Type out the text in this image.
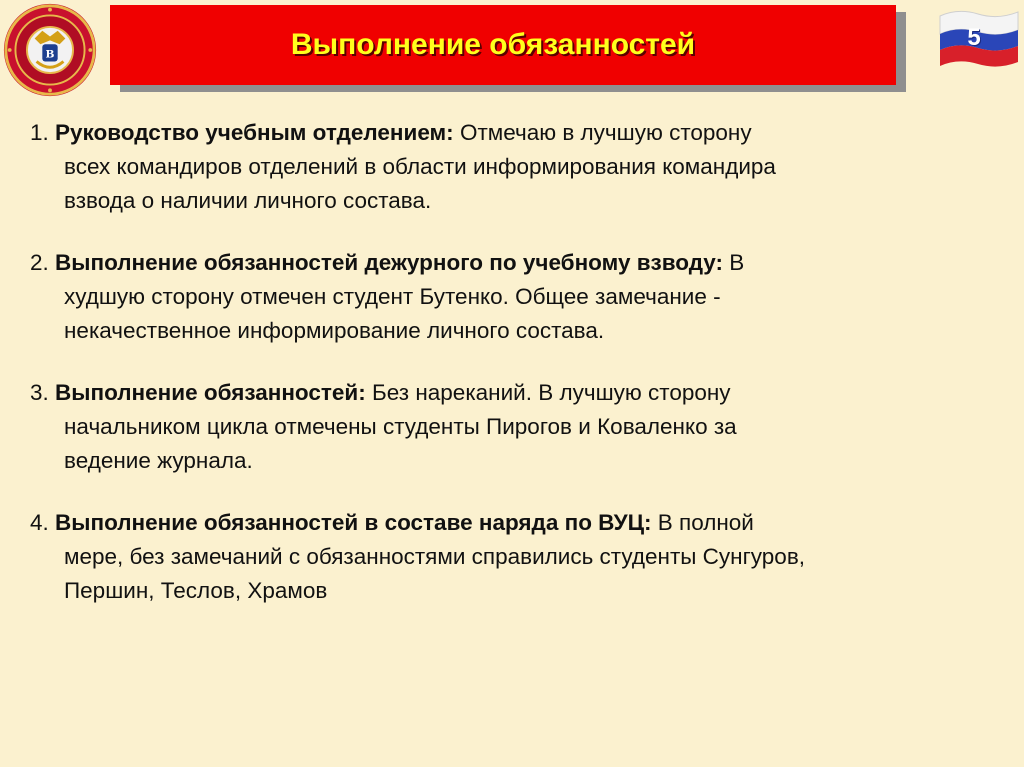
В	Выполнение обязанностей	5
1. Руководство учебным отделением: Отмечаю в лучшую сторону
всех командиров отделений в области информирования командира
взвода о наличии личного состава.
2. Выполнение обязанностей дежурного по учебному взводу: В
худшую сторону отмечен студент Бутенко. Общее замечание -
некачественное информирование личного состава.
3. Выполнение обязанностей: Без нареканий. В лучшую сторону
начальником цикла отмечены студенты Пирогов и Коваленко за
ведение журнала.
4. Выполнение обязанностей в составе наряда по ВУЦ: В полной
мере, без замечаний с обязанностями справились студенты Сунгуров,
Першин, Теслов, Храмов
